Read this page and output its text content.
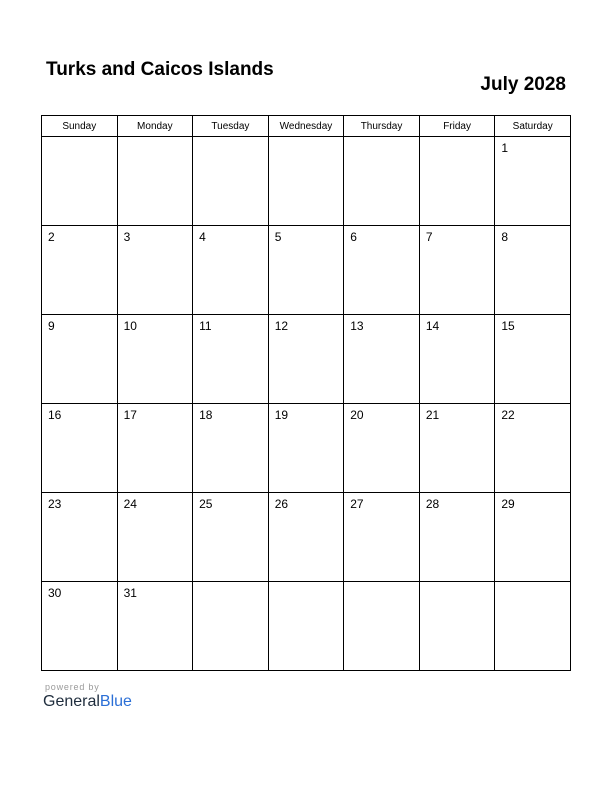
Turks and Caicos Islands
July 2028
Sunday	Monday	Tuesday	Wednesday	Thursday	Friday	Saturday

						1

2	3	4	5	6	7	8

9	10	11	12	13	14	15

16	17	18	19	20	21	22

23	24	25	26	27	28	29

30	31					

powered by
GeneralBlue
